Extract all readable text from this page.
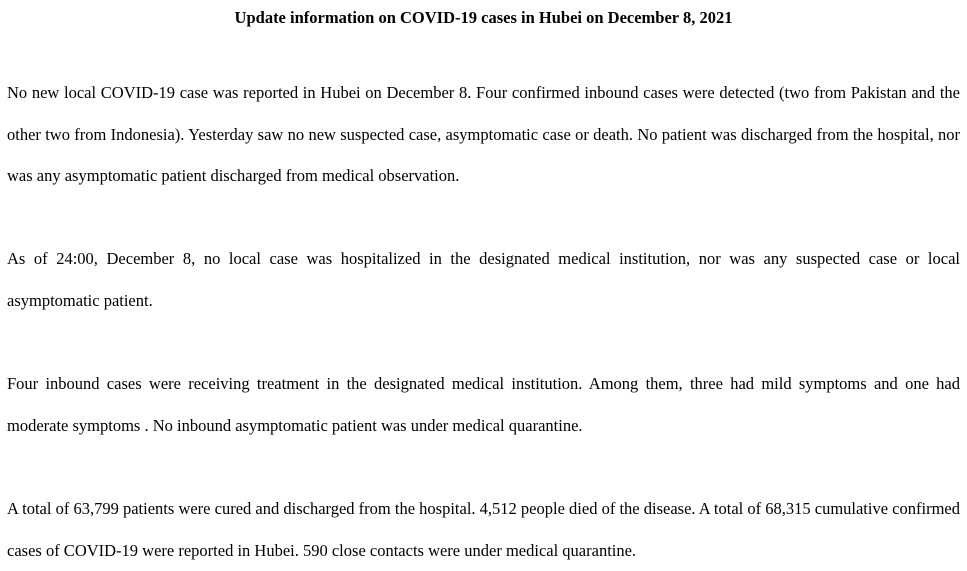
Update information on COVID-19 cases in Hubei on December 8, 2021

No new local COVID-19 case was reported in Hubei on December 8. Four confirmed inbound cases were detected (two from Pakistan and the other two from Indonesia). Yesterday saw no new suspected case, asymptomatic case or death. No patient was discharged from the hospital, nor was any asymptomatic patient discharged from medical observation.

As of 24:00, December 8, no local case was hospitalized in the designated medical institution, nor was any suspected case or local asymptomatic patient.

Four inbound cases were receiving treatment in the designated medical institution. Among them, three had mild symptoms and one had moderate symptoms . No inbound asymptomatic patient was under medical quarantine.

A total of 63,799 patients were cured and discharged from the hospital. 4,512 people died of the disease. A total of 68,315 cumulative confirmed cases of COVID-19 were reported in Hubei. 590 close contacts were under medical quarantine.
